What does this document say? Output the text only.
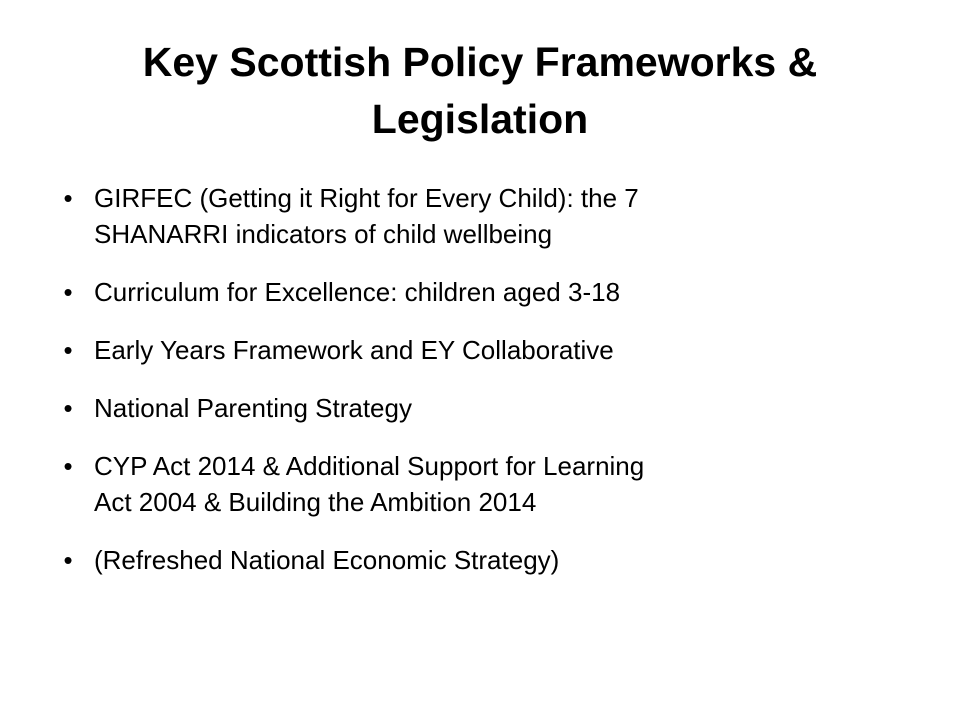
Key Scottish Policy Frameworks &
Legislation
• GIRFEC (Getting it Right for Every Child): the 7
SHANARRI indicators of child wellbeing
• Curriculum for Excellence: children aged 3-18
• Early Years Framework and EY Collaborative
• National Parenting Strategy
• CYP Act 2014 & Additional Support for Learning
Act 2004 & Building the Ambition 2014
• (Refreshed National Economic Strategy)
